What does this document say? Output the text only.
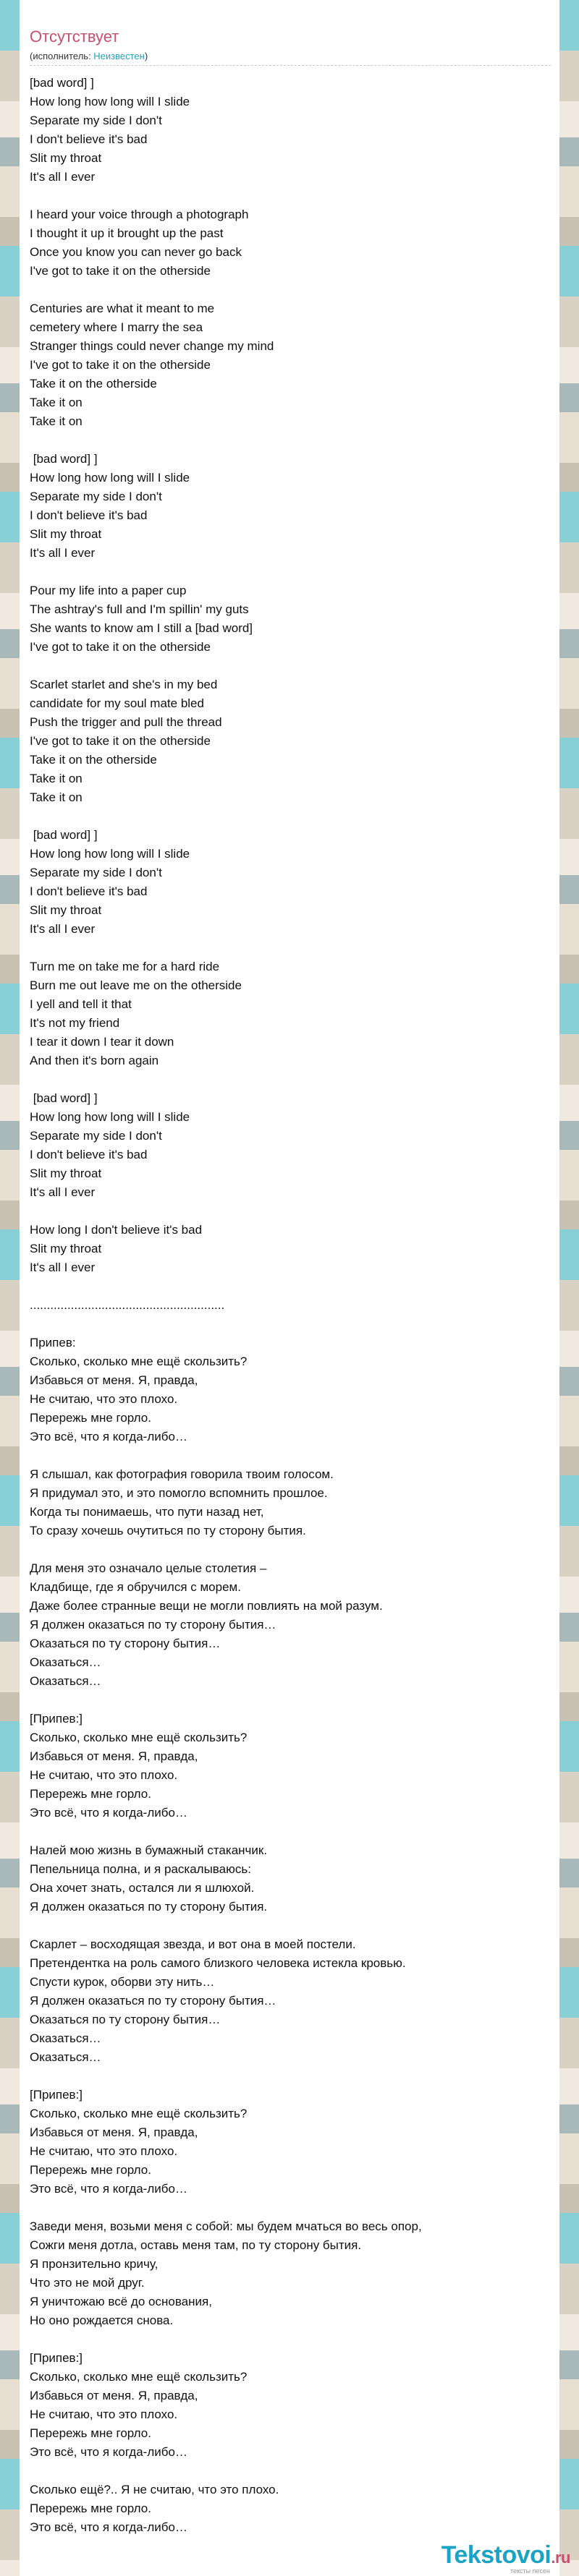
Отсутствует
(исполнитель: Неизвестен)
[bad word] ]
How long how long will I slide
Separate my side I don't
I don't believe it's bad
Slit my throat
It's all I ever
I heard your voice through a photograph
I thought it up it brought up the past
Once you know you can never go back
I've got to take it on the otherside
Centuries are what it meant to me
cemetery where I marry the sea
Stranger things could never change my mind
I've got to take it on the otherside
Take it on the otherside
Take it on
Take it on
[bad word] ]
How long how long will I slide
Separate my side I don't
I don't believe it's bad
Slit my throat
It's all I ever
Pour my life into a paper cup
The ashtray's full and I'm spillin' my guts
She wants to know am I still a [bad word]
I've got to take it on the otherside
Scarlet starlet and she's in my bed
candidate for my soul mate bled
Push the trigger and pull the thread
I've got to take it on the otherside
Take it on the otherside
Take it on
Take it on
[bad word] ]
How long how long will I slide
Separate my side I don't
I don't believe it's bad
Slit my throat
It's all I ever
Turn me on take me for a hard ride
Burn me out leave me on the otherside
I yell and tell it that
It's not my friend
I tear it down I tear it down
And then it's born again
[bad word] ]
How long how long will I slide
Separate my side I don't
I don't believe it's bad
Slit my throat
It's all I ever
How long I don't believe it's bad
Slit my throat
It's all I ever
.........................................................
Припев:
Сколько, сколько мне ещё скользить?
Избавься от меня. Я, правда,
Не считаю, что это плохо.
Перережь мне горло.
Это всё, что я когда-либо…
Я слышал, как фотография говорила твоим голосом.
Я придумал это, и это помогло вспомнить прошлое.
Когда ты понимаешь, что пути назад нет,
То сразу хочешь очутиться по ту сторону бытия.
Для меня это означало целые столетия –
Кладбище, где я обручился с морем.
Даже более странные вещи не могли повлиять на мой разум.
Я должен оказаться по ту сторону бытия…
Оказаться по ту сторону бытия…
Оказаться…
Оказаться…
[Припев:]
Сколько, сколько мне ещё скользить?
Избавься от меня. Я, правда,
Не считаю, что это плохо.
Перережь мне горло.
Это всё, что я когда-либо…
Налей мою жизнь в бумажный стаканчик.
Пепельница полна, и я раскалываюсь:
Она хочет знать, остался ли я шлюхой.
Я должен оказаться по ту сторону бытия.
Скарлет – восходящая звезда, и вот она в моей постели.
Претендентка на роль самого близкого человека истекла кровью.
Спусти курок, оборви эту нить…
Я должен оказаться по ту сторону бытия…
Оказаться по ту сторону бытия…
Оказаться…
Оказаться…
[Припев:]
Сколько, сколько мне ещё скользить?
Избавься от меня. Я, правда,
Не считаю, что это плохо.
Перережь мне горло.
Это всё, что я когда-либо…
Заведи меня, возьми меня с собой: мы будем мчаться во весь опор,
Сожги меня дотла, оставь меня там, по ту сторону бытия.
Я пронзительно кричу,
Что это не мой друг.
Я уничтожаю всё до основания,
Но оно рождается снова.
[Припев:]
Сколько, сколько мне ещё скользить?
Избавься от меня. Я, правда,
Не считаю, что это плохо.
Перережь мне горло.
Это всё, что я когда-либо…
Сколько ещё?.. Я не считаю, что это плохо.
Перережь мне горло.
Это всё, что я когда-либо…
Tekstovoi.ru
тексты песен
